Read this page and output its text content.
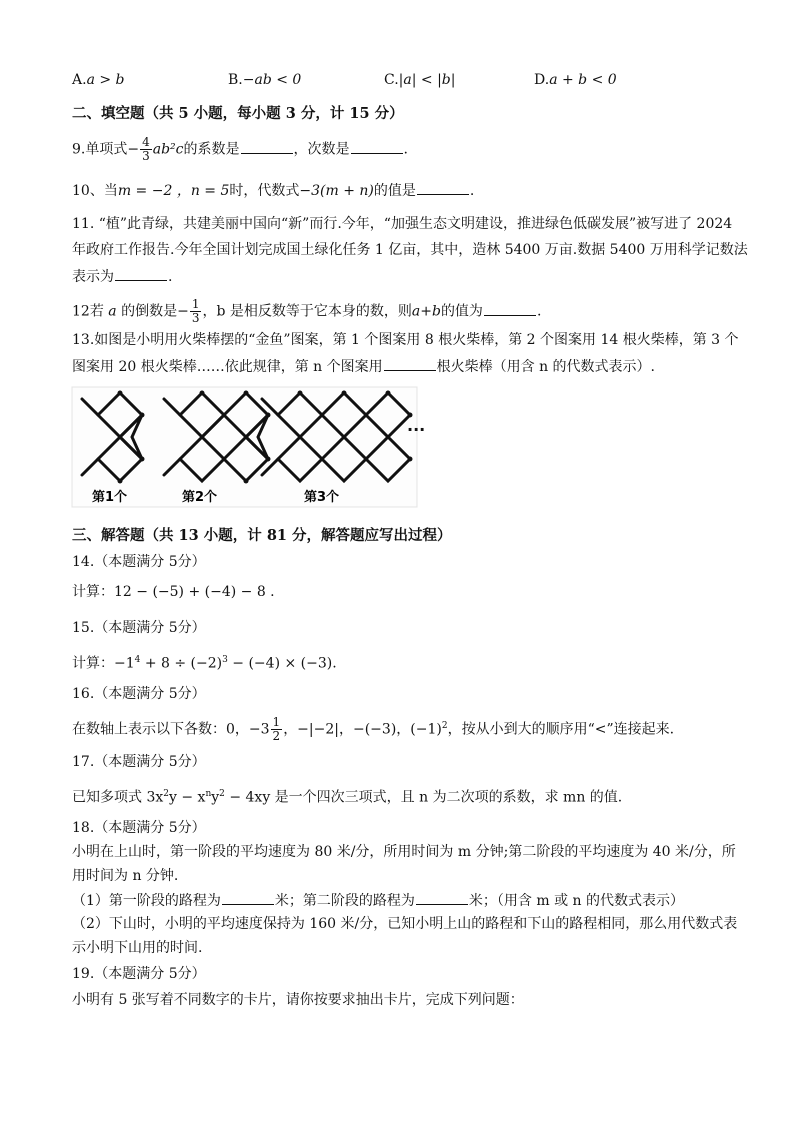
A.a > b	B.−ab < 0	C.|a| < |b|	D.a + b < 0
二、填空题（共 5 小题，每小题 3 分，计 15 分）
9.单项式− $\frac{4}{3} ab^2c$的系数是	，次数是	.
10、当m = −2 ，n = 5时，代数式−3(m + n)的值是	.
11. “植”此青绿，共建美丽中国向“新”而行.今年，“加强生态文明建设，推进绿色低碳发展”被写进了 2024
年政府工作报告.今年全国计划完成国土绿化任务 1 亿亩，其中，造林 5400 万亩.数据 5400 万用科学记数法
表示为	.
12若 a 的倒数是− $\frac{1}{3}$ ，b 是相反数等于它本身的数，则a+b的值为	.
13.如图是小明用火柴棒摆的“金鱼”图案，第 1 个图案用 8 根火柴棒，第 2 个图案用 14 根火柴棒，第 3 个
图案用 20 根火柴棒……依此规律，第 n 个图案用	根火柴棒（用含 n 的代数式表示）.
···
第1个	第2个	第3个
三、解答题（共 13 小题，计 81 分，解答题应写出过程）
14.（本题满分 5分）
计算：12 − (−5) + (−4) − 8 .
15.（本题满分 5分）
计算：$-1^4 + 8 \div (-2)^3 - (-4) \times (-3)$.
16.（本题满分 5分）
在数轴上表示以下各数：0，$-3 \frac{1}{2}$ ，−|−2|，−(−3)，$(-1)^2$，按从小到大的顺序用“<”连接起来.
17.（本题满分 5分）
已知多项式 $3x^2y - x^ny^2 - 4xy$ 是一个四次三项式，且 n 为二次项的系数，求 mn 的值.
18.（本题满分 5分）
小明在上山时，第一阶段的平均速度为 80 米/分，所用时间为 m 分钟;第二阶段的平均速度为 40 米/分，所
用时间为 n 分钟.
（1）第一阶段的路程为	米；第二阶段的路程为	米；（用含 m 或 n 的代数式表示）
（2）下山时，小明的平均速度保持为 160 米/分，已知小明上山的路程和下山的路程相同，那么用代数式表
示小明下山用的时间.
19.（本题满分 5分）
小明有 5 张写着不同数字的卡片，请你按要求抽出卡片，完成下列问题：
